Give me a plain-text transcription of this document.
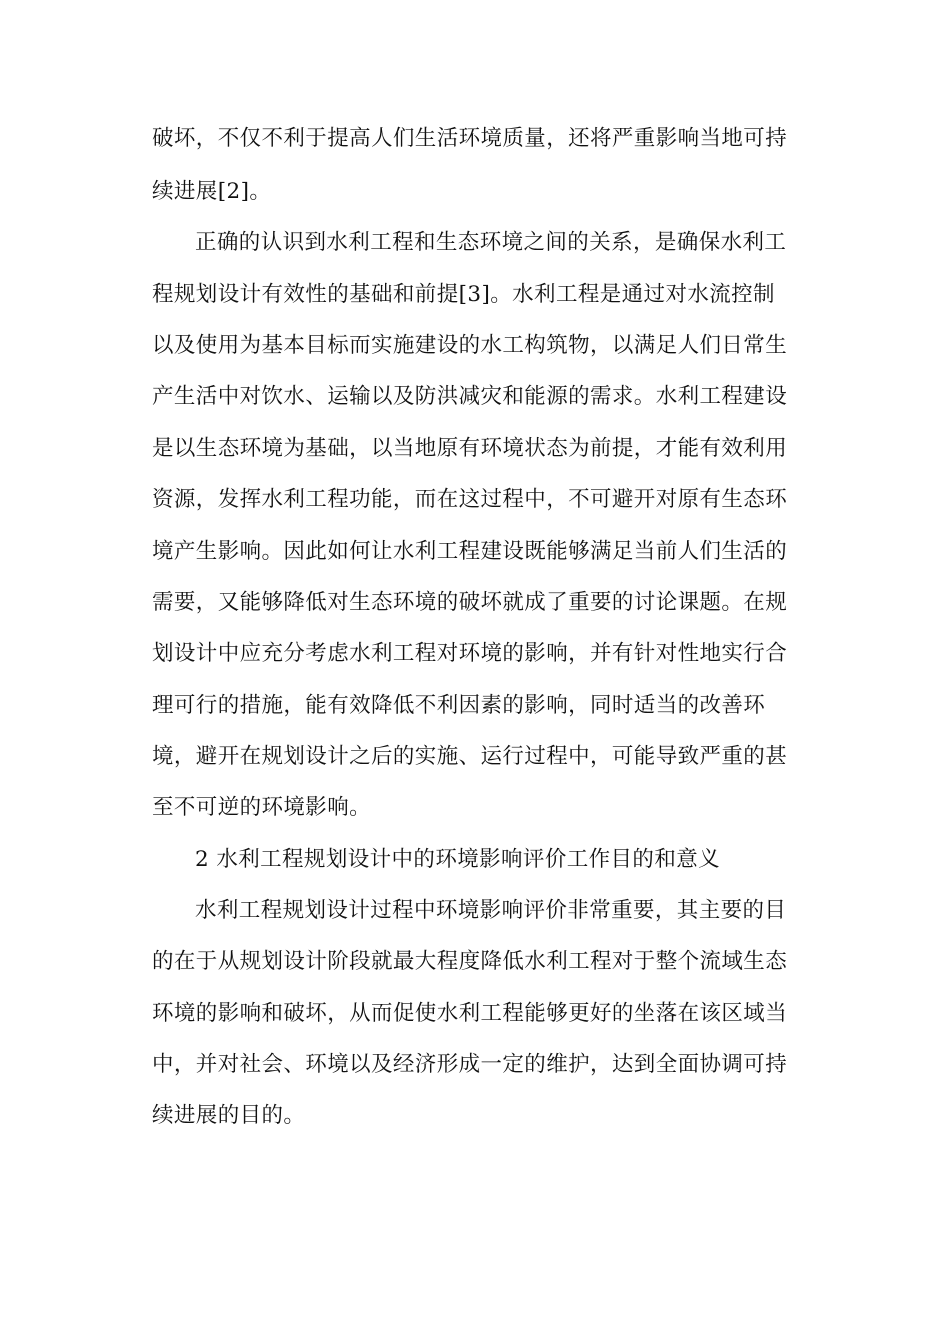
破坏，不仅不利于提高人们生活环境质量，还将严重影响当地可持
续进展[2]。
正确的认识到水利工程和生态环境之间的关系，是确保水利工
程规划设计有效性的基础和前提[3]。水利工程是通过对水流控制
以及使用为基本目标而实施建设的水工构筑物，以满足人们日常生
产生活中对饮水、运输以及防洪减灾和能源的需求。水利工程建设
是以生态环境为基础，以当地原有环境状态为前提，才能有效利用
资源，发挥水利工程功能，而在这过程中，不可避开对原有生态环
境产生影响。因此如何让水利工程建设既能够满足当前人们生活的
需要，又能够降低对生态环境的破坏就成了重要的讨论课题。在规
划设计中应充分考虑水利工程对环境的影响，并有针对性地实行合
理可行的措施，能有效降低不利因素的影响，同时适当的改善环
境，避开在规划设计之后的实施、运行过程中，可能导致严重的甚
至不可逆的环境影响。
2 水利工程规划设计中的环境影响评价工作目的和意义
水利工程规划设计过程中环境影响评价非常重要，其主要的目
的在于从规划设计阶段就最大程度降低水利工程对于整个流域生态
环境的影响和破坏，从而促使水利工程能够更好的坐落在该区域当
中，并对社会、环境以及经济形成一定的维护，达到全面协调可持
续进展的目的。
